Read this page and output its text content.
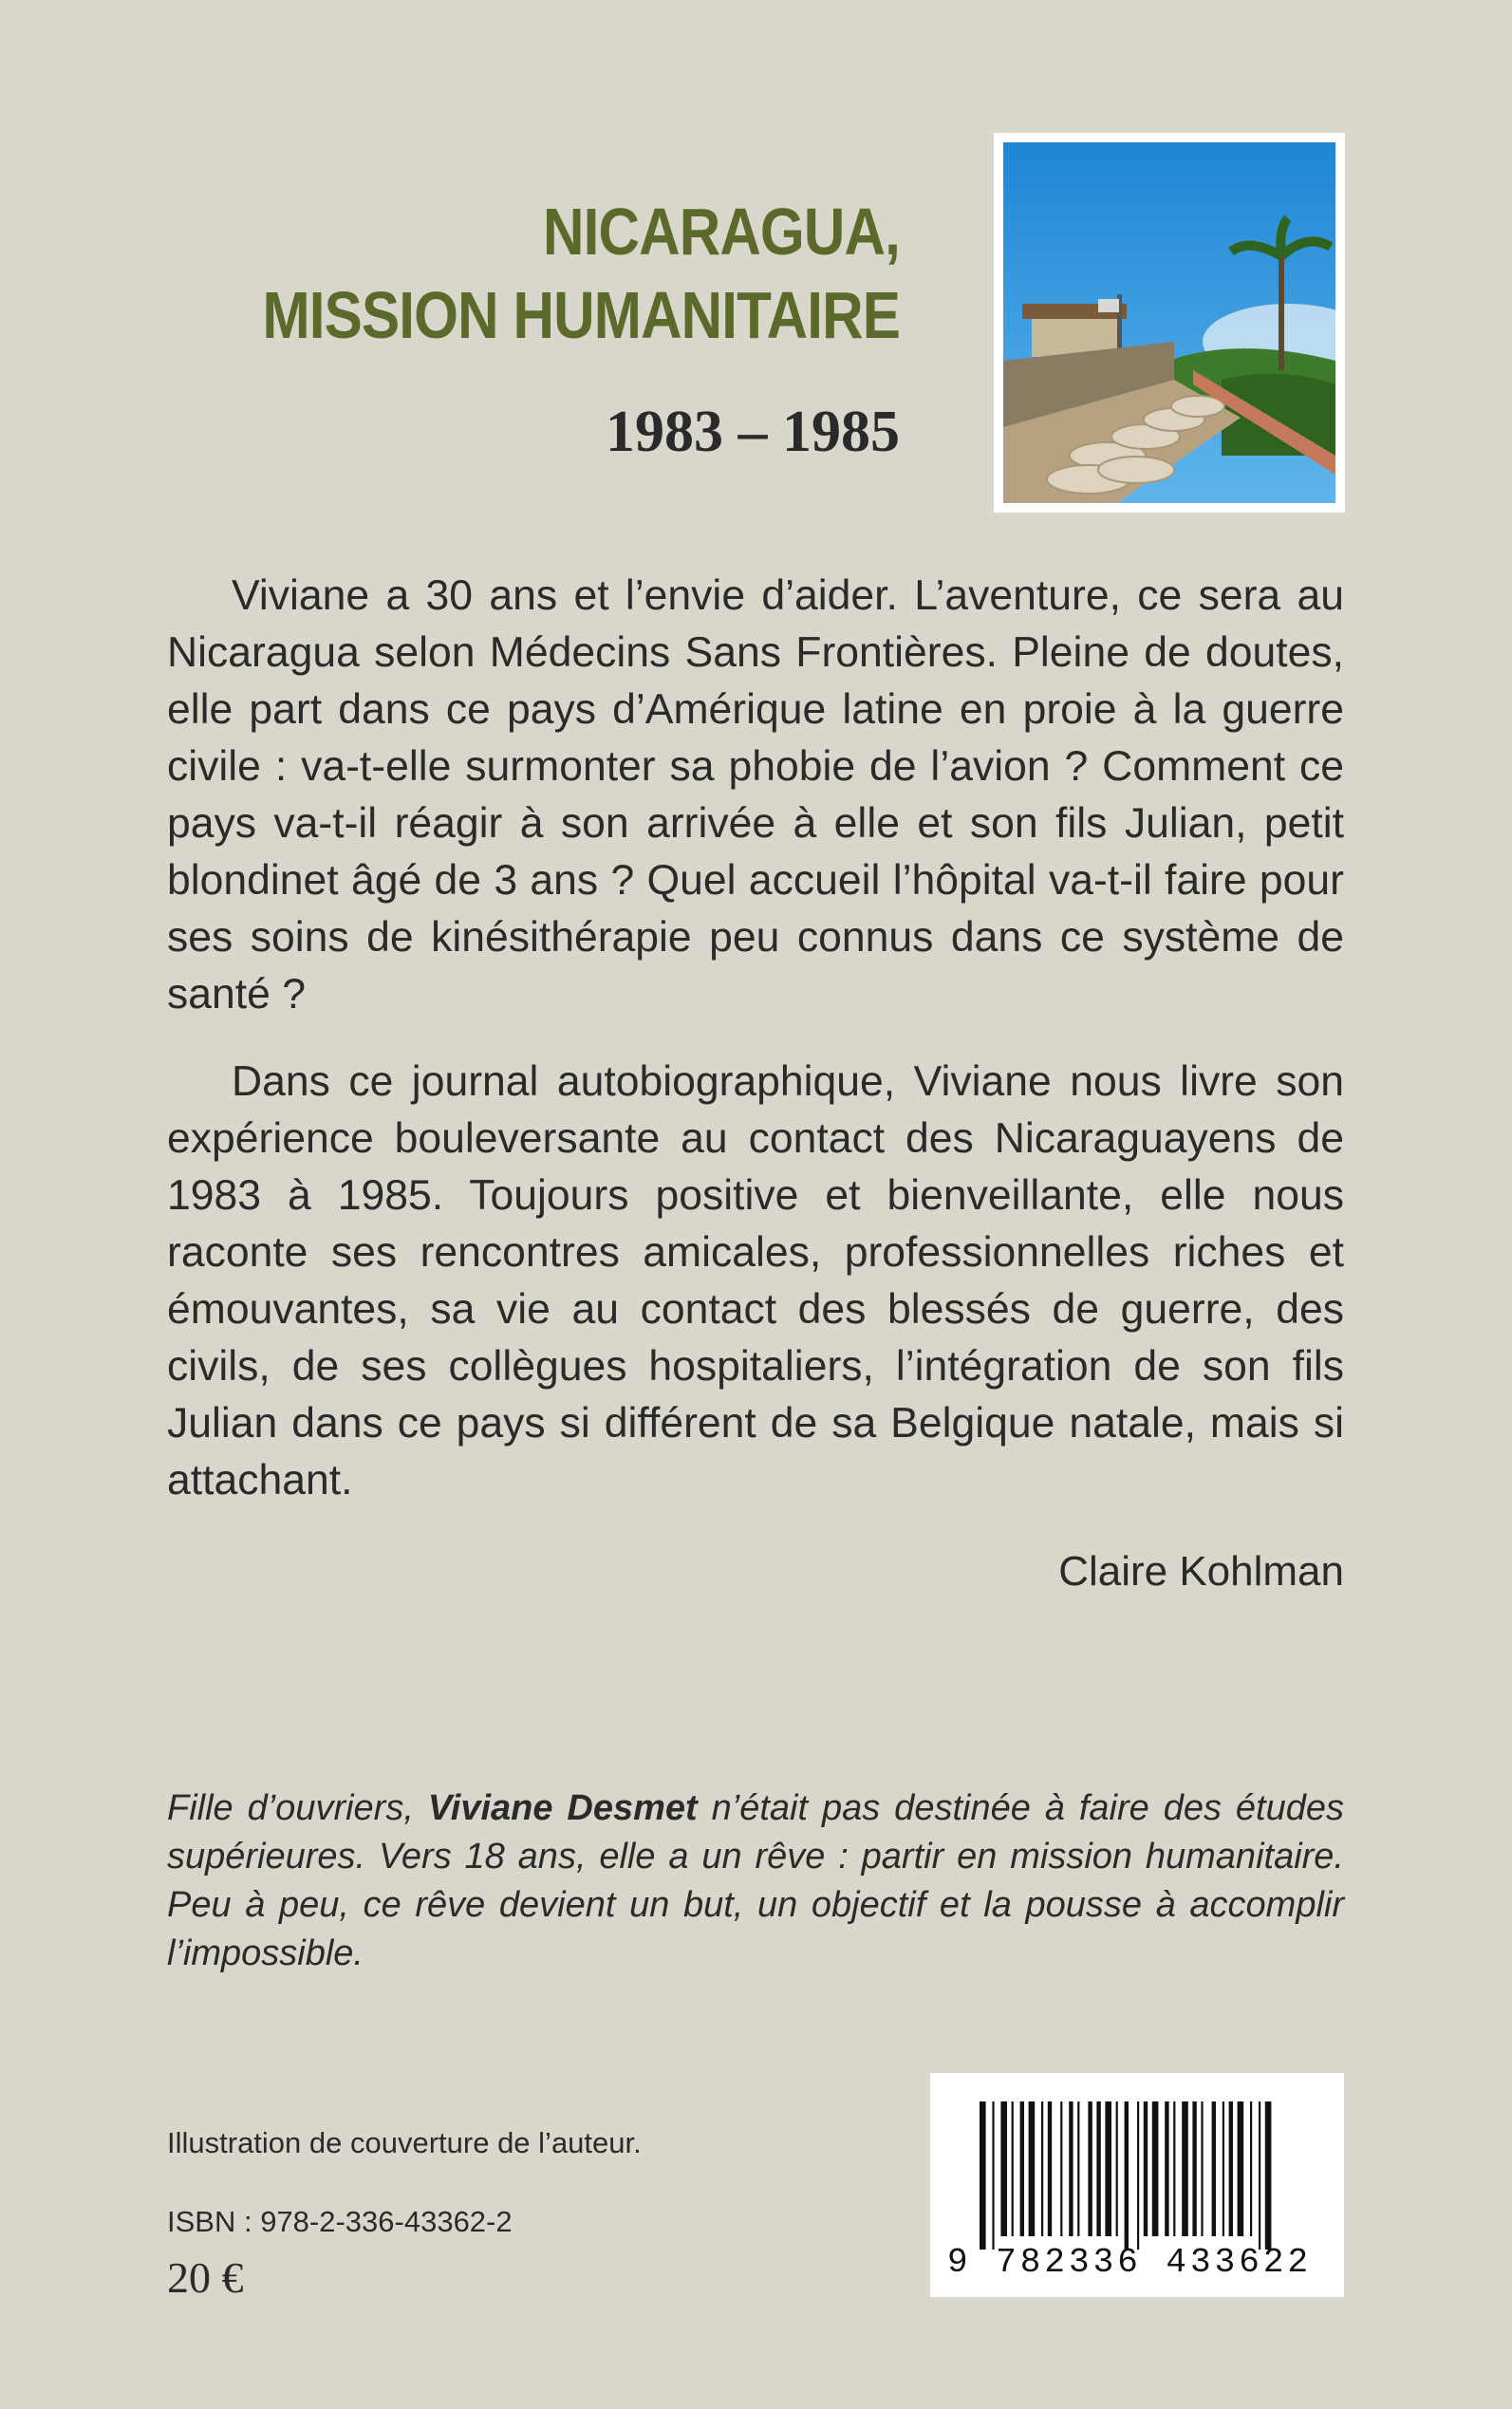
NICARAGUA,
MISSION HUMANITAIRE
1983 – 1985

Viviane a 30 ans et l’envie d’aider. L’aventure, ce sera au Nicaragua selon Médecins Sans Frontières. Pleine de doutes, elle part dans ce pays d’Amérique latine en proie à la guerre civile : va-t-elle surmonter sa phobie de l’avion ? Comment ce pays va-t-il réagir à son arrivée à elle et son fils Julian, petit blondinet âgé de 3 ans ? Quel accueil l’hôpital va-t-il faire pour ses soins de kinésithérapie peu connus dans ce système de santé ?

Dans ce journal autobiographique, Viviane nous livre son expérience bouleversante au contact des Nicaraguayens de 1983 à 1985. Toujours positive et bienveillante, elle nous raconte ses rencontres amicales, professionnelles riches et émouvantes, sa vie au contact des blessés de guerre, des civils, de ses collègues hospitaliers, l’intégration de son fils Julian dans ce pays si différent de sa Belgique natale, mais si attachant.

Claire Kohlman
Fille d’ouvriers, Viviane Desmet n’était pas destinée à faire des études supérieures. Vers 18 ans, elle a un rêve : partir en mission humanitaire. Peu à peu, ce rêve devient un but, un objectif et la pousse à accomplir l’impossible.
Illustration de couverture de l’auteur.
ISBN : 978-2-336-43362-2
20 €	9 782336 433622
